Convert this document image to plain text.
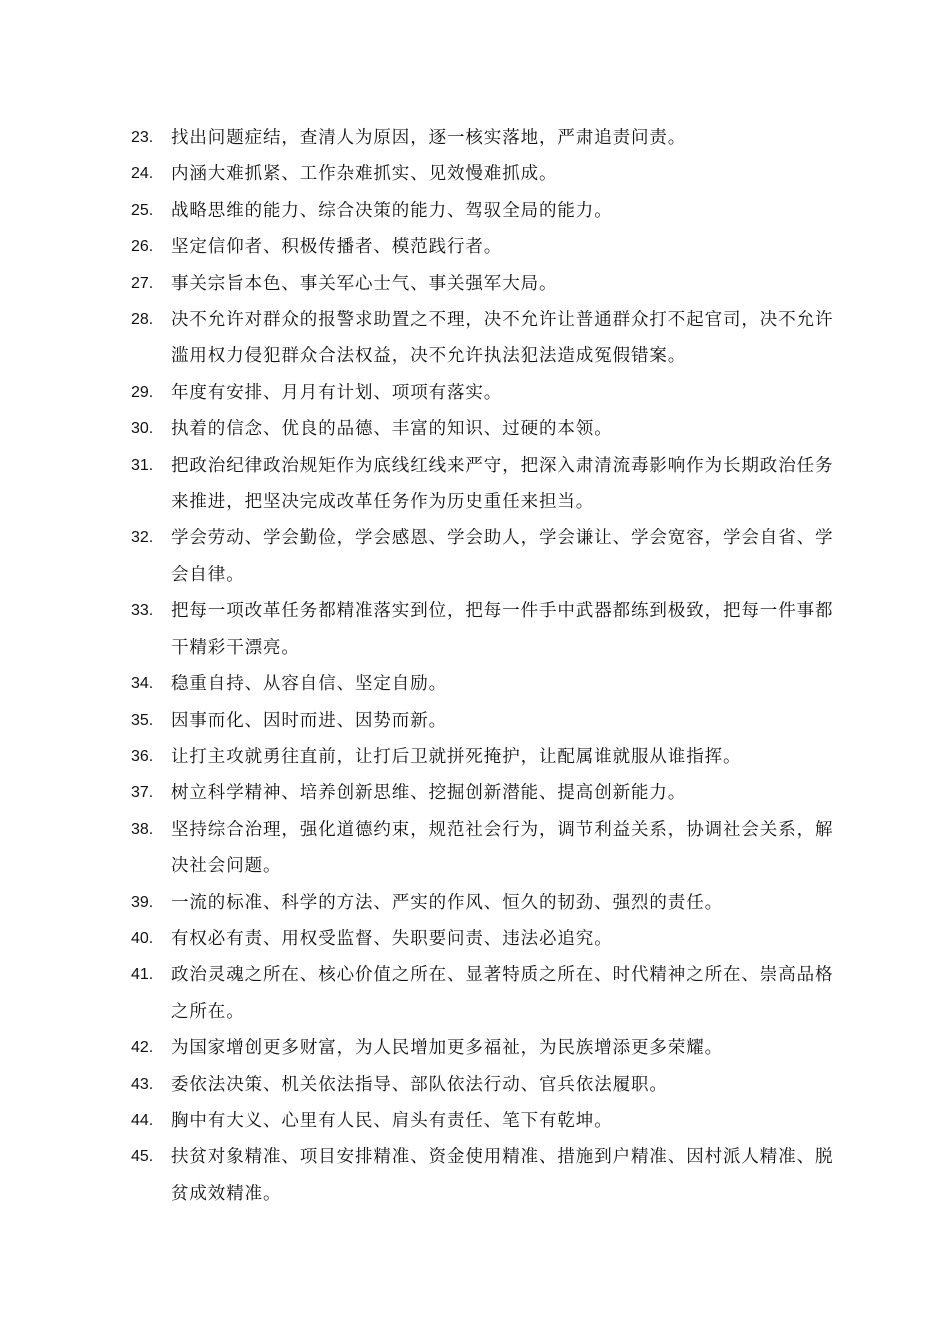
23. 找出问题症结，查清人为原因，逐一核实落地，严肃追责问责。
24. 内涵大难抓紧、工作杂难抓实、见效慢难抓成。
25. 战略思维的能力、综合决策的能力、驾驭全局的能力。
26. 坚定信仰者、积极传播者、模范践行者。
27. 事关宗旨本色、事关军心士气、事关强军大局。
28. 决不允许对群众的报警求助置之不理，决不允许让普通群众打不起官司，决不允许滥用权力侵犯群众合法权益，决不允许执法犯法造成冤假错案。
29. 年度有安排、月月有计划、项项有落实。
30. 执着的信念、优良的品德、丰富的知识、过硬的本领。
31. 把政治纪律政治规矩作为底线红线来严守，把深入肃清流毒影响作为长期政治任务来推进，把坚决完成改革任务作为历史重任来担当。
32. 学会劳动、学会勤俭，学会感恩、学会助人，学会谦让、学会宽容，学会自省、学会自律。
33. 把每一项改革任务都精准落实到位，把每一件手中武器都练到极致，把每一件事都干精彩干漂亮。
34. 稳重自持、从容自信、坚定自励。
35. 因事而化、因时而进、因势而新。
36. 让打主攻就勇往直前，让打后卫就拼死掩护，让配属谁就服从谁指挥。
37. 树立科学精神、培养创新思维、挖掘创新潜能、提高创新能力。
38. 坚持综合治理，强化道德约束，规范社会行为，调节利益关系，协调社会关系，解决社会问题。
39. 一流的标准、科学的方法、严实的作风、恒久的韧劲、强烈的责任。
40. 有权必有责、用权受监督、失职要问责、违法必追究。
41. 政治灵魂之所在、核心价值之所在、显著特质之所在、时代精神之所在、崇高品格之所在。
42. 为国家增创更多财富，为人民增加更多福祉，为民族增添更多荣耀。
43. 委依法决策、机关依法指导、部队依法行动、官兵依法履职。
44. 胸中有大义、心里有人民、肩头有责任、笔下有乾坤。
45. 扶贫对象精准、项目安排精准、资金使用精准、措施到户精准、因村派人精准、脱贫成效精准。
